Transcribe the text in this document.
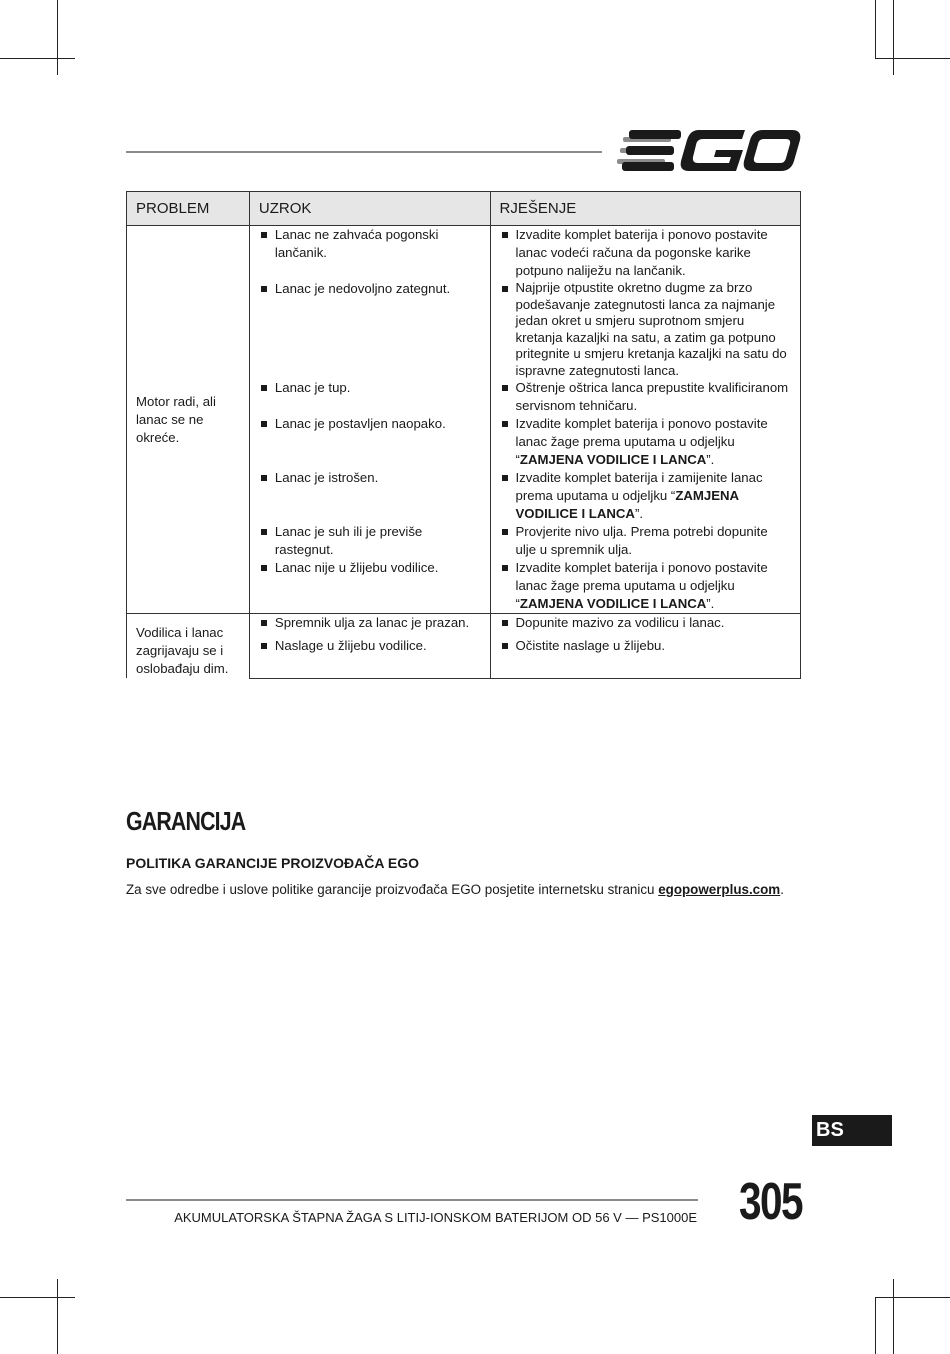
PROBLEM	UZROK	RJEŠENJE
Motor radi, ali lanac se ne okreće.	Lanac ne zahvaća pogonski lančanik.	Izvadite komplet baterija i ponovo postavite lanac vodeći računa da pogonske karike potpuno naliježu na lančanik.

	Lanac je nedovoljno zategnut.	Najprije otpustite okretno dugme za brzo podešavanje zategnutosti lanca za najmanje jedan okret u smjeru suprotnom smjeru kretanja kazaljki na satu, a zatim ga potpuno pritegnite u smjeru kretanja kazaljki na satu do ispravne zategnutosti lanca.

	Lanac je tup.	Oštrenje oštrica lanca prepustite kvalificiranom servisnom tehničaru.

	Lanac je postavljen naopako.	Izvadite komplet baterija i ponovo postavite lanac žage prema uputama u odjeljku “ZAMJENA VODILICE I LANCA”.

	Lanac je istrošen.	Izvadite komplet baterija i zamijenite lanac prema uputama u odjeljku “ZAMJENA VODILICE I LANCA”.

	Lanac je suh ili je previše rastegnut.	Provjerite nivo ulja. Prema potrebi dopunite ulje u spremnik ulja.

	Lanac nije u žlijebu vodilice.	Izvadite komplet baterija i ponovo postavite lanac žage prema uputama u odjeljku “ZAMJENA VODILICE I LANCA”.

Vodilica i lanac zagrijavaju se i oslobađaju dim.	Spremnik ulja za lanac je prazan.	Dopunite mazivo za vodilicu i lanac.

	Naslage u žlijebu vodilice.	Očistite naslage u žlijebu.
GARANCIJA
POLITIKA GARANCIJE PROIZVOĐAČA EGO
Za sve odredbe i uslove politike garancije proizvođača EGO posjetite internetsku stranicu egopowerplus.com.
BS
AKUMULATORSKA ŠTAPNA ŽAGA S LITIJ-IONSKOM BATERIJOM OD 56 V — PS1000E 305
